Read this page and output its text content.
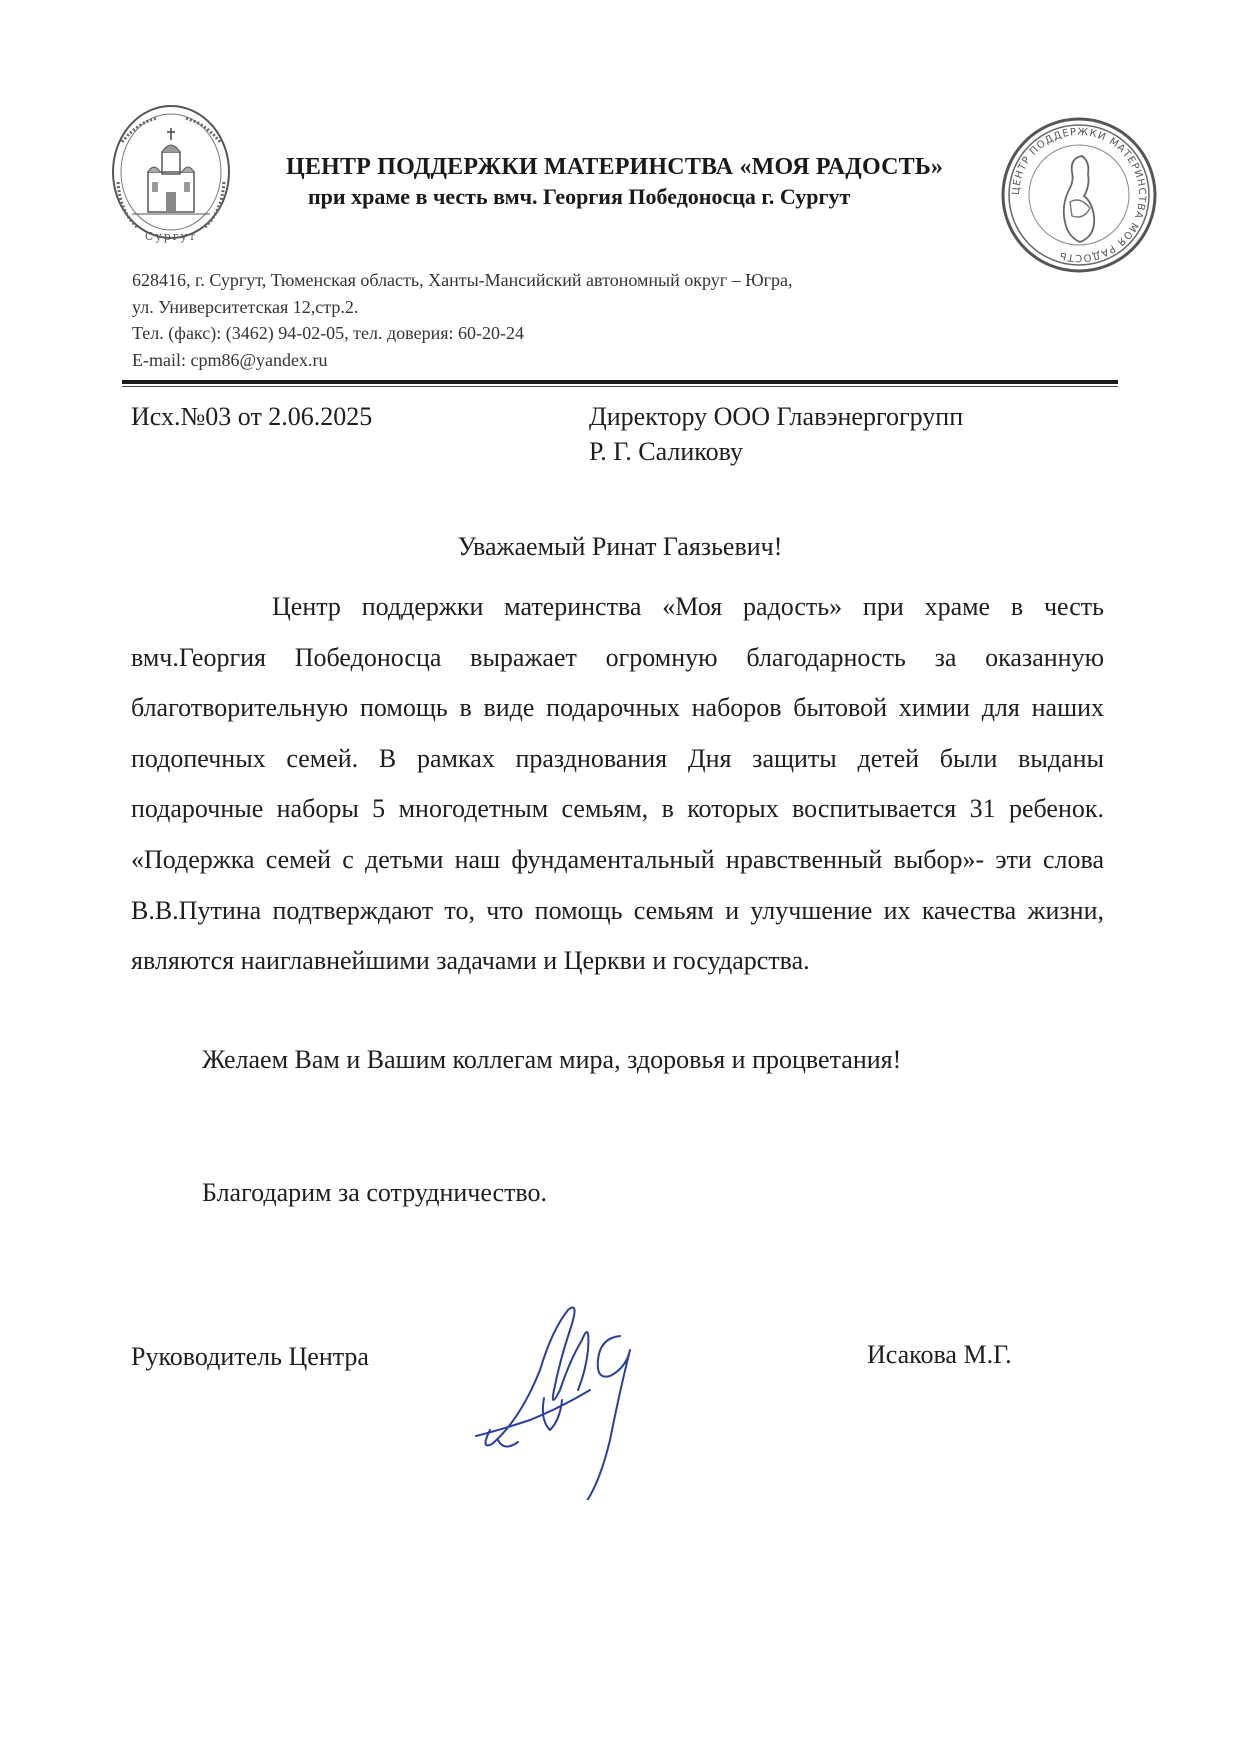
Сургут
ЦЕНТР ПОДДЕРЖКИ МАТЕРИНСТВА «МОЯ РАДОСТЬ»
при храме в честь вмч. Георгия Победоносца г. Сургут	ЦЕНТР ПОДДЕРЖКИ МАТЕРИНСТВА МОЯ РАДОСТЬ
628416, г. Сургут, Тюменская область, Ханты-Мансийский автономный округ – Югра,
ул. Университетская 12,стр.2.
Тел. (факс): (3462) 94-02-05, тел. доверия: 60-20-24
E-mail: cpm86@yandex.ru
Исх.№03 от 2.06.2025	Директору ООО Главэнергогрупп
Р. Г. Саликову
Уважаемый Ринат Гаязьевич!

Центр поддержки материнства «Моя радость» при храме в честь вмч.Георгия Победоносца выражает огромную благодарность за оказанную благотворительную помощь в виде подарочных наборов бытовой химии для наших подопечных семей. В рамках празднования Дня защиты детей были выданы подарочные наборы 5 многодетным семьям, в которых воспитывается 31 ребенок. «Подержка семей с детьми наш фундаментальный нравственный выбор»- эти слова В.В.Путина подтверждают то, что помощь семьям и улучшение их качества жизни, являются наиглавнейшими задачами и Церкви и государства.

Желаем Вам и Вашим коллегам мира, здоровья и процветания!
Благодарим за сотрудничество.
Руководитель Центра	Исакова М.Г.
